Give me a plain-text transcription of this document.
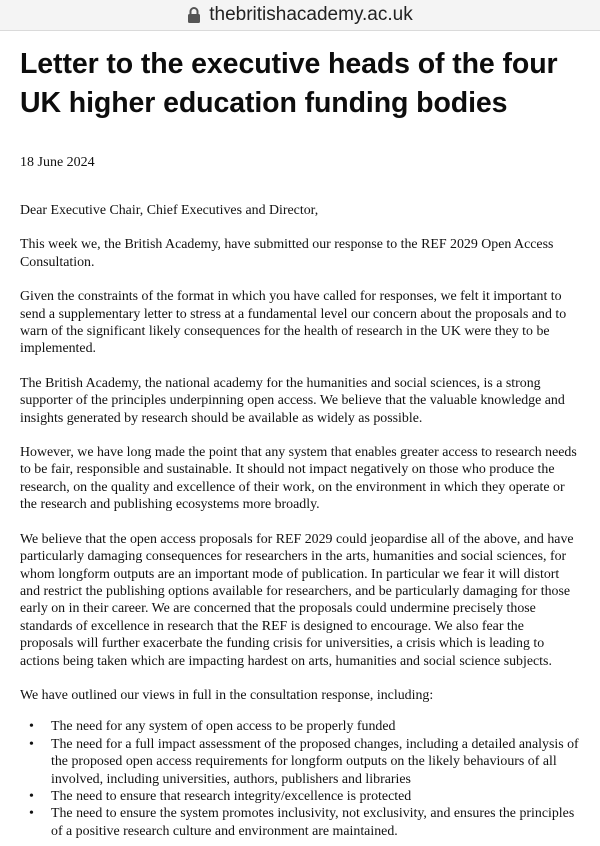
thebritishacademy.ac.uk
Letter to the executive heads of the four UK higher education funding bodies
18 June 2024

Dear Executive Chair, Chief Executives and Director,

This week we, the British Academy, have submitted our response to the REF 2029 Open Access Consultation.

Given the constraints of the format in which you have called for responses, we felt it important to send a supplementary letter to stress at a fundamental level our concern about the proposals and to warn of the significant likely consequences for the health of research in the UK were they to be implemented.

The British Academy, the national academy for the humanities and social sciences, is a strong supporter of the principles underpinning open access. We believe that the valuable knowledge and insights generated by research should be available as widely as possible.

However, we have long made the point that any system that enables greater access to research needs to be fair, responsible and sustainable. It should not impact negatively on those who produce the research, on the quality and excellence of their work, on the environment in which they operate or the research and publishing ecosystems more broadly.

We believe that the open access proposals for REF 2029 could jeopardise all of the above, and have particularly damaging consequences for researchers in the arts, humanities and social sciences, for whom longform outputs are an important mode of publication. In particular we fear it will distort and restrict the publishing options available for researchers, and be particularly damaging for those early on in their career. We are concerned that the proposals could undermine precisely those standards of excellence in research that the REF is designed to encourage. We also fear the proposals will further exacerbate the funding crisis for universities, a crisis which is leading to actions being taken which are impacting hardest on arts, humanities and social science subjects.

We have outlined our views in full in the consultation response, including:

• The need for any system of open access to be properly funded
• The need for a full impact assessment of the proposed changes, including a detailed analysis of the proposed open access requirements for longform outputs on the likely behaviours of all involved, including universities, authors, publishers and libraries
• The need to ensure that research integrity/excellence is protected
• The need to ensure the system promotes inclusivity, not exclusivity, and ensures the principles of a positive research culture and environment are maintained.
